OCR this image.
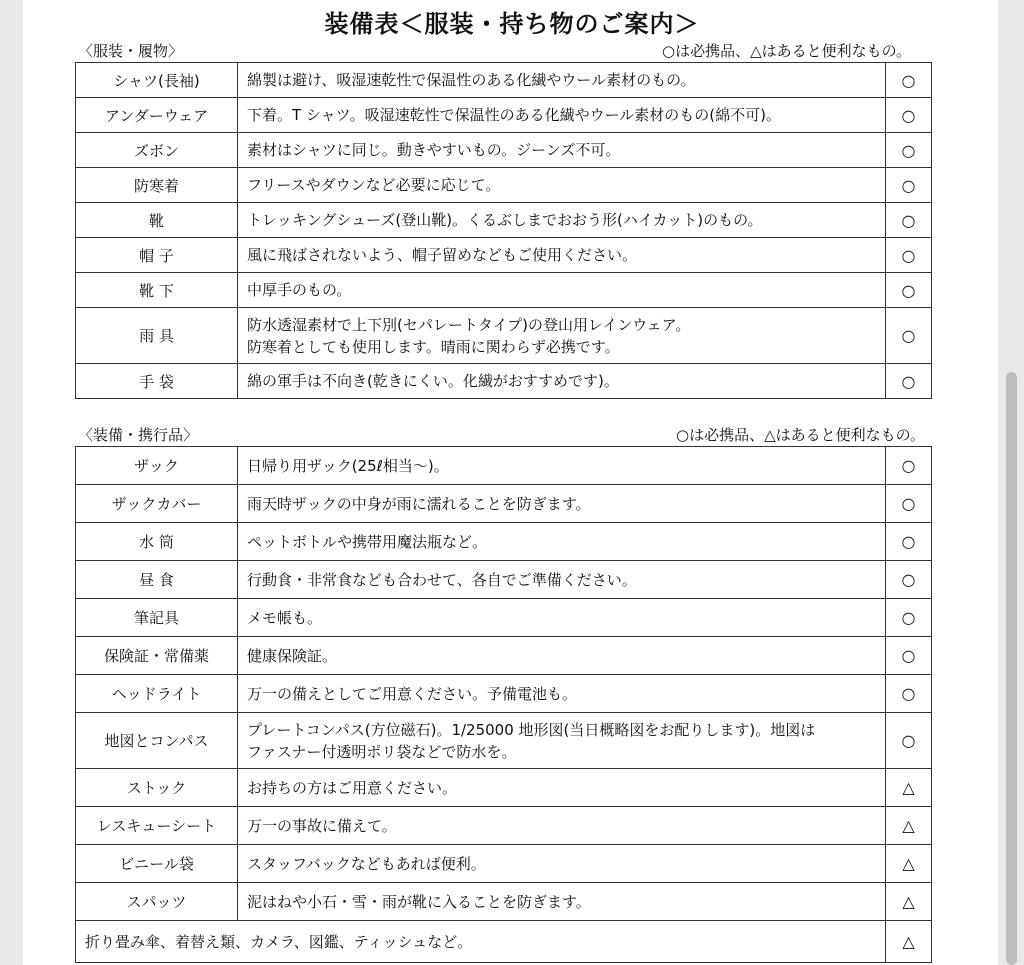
装備表＜服装・持ち物のご案内＞
〈服装・履物〉	○は必携品、△はあると便利なもの。
シャツ(長袖)	綿製は避け、吸湿速乾性で保温性のある化繊やウール素材のもの。	○
アンダーウェア	下着。T シャツ。吸湿速乾性で保温性のある化繊やウール素材のもの(綿不可)。	○
ズボン	素材はシャツに同じ。動きやすいもの。ジーンズ不可。	○
防寒着	フリースやダウンなど必要に応じて。	○
靴	トレッキングシューズ(登山靴)。くるぶしまでおおう形(ハイカット)のもの。	○
帽 子	風に飛ばされないよう、帽子留めなどもご使用ください。	○
靴 下	中厚手のもの。	○
雨 具	防水透湿素材で上下別(セパレートタイプ)の登山用レインウェア。
防寒着としても使用します。晴雨に関わらず必携です。	○
手 袋	綿の軍手は不向き(乾きにくい。化繊がおすすめです)。	○
〈装備・携行品〉	○は必携品、△はあると便利なもの。
ザック	日帰り用ザック(25ℓ相当〜)。	○
ザックカバー	雨天時ザックの中身が雨に濡れることを防ぎます。	○
水 筒	ペットボトルや携帯用魔法瓶など。	○
昼 食	行動食・非常食なども合わせて、各自でご準備ください。	○
筆記具	メモ帳も。	○
保険証・常備薬	健康保険証。	○
ヘッドライト	万一の備えとしてご用意ください。予備電池も。	○
地図とコンパス	プレートコンパス(方位磁石)。1/25000 地形図(当日概略図をお配りします)。地図は
ファスナー付透明ポリ袋などで防水を。	○
ストック	お持ちの方はご用意ください。	△
レスキューシート	万一の事故に備えて。	△
ビニール袋	スタッフバックなどもあれば便利。	△
スパッツ	泥はねや小石・雪・雨が靴に入ることを防ぎます。	△
折り畳み傘、着替え類、カメラ、図鑑、ティッシュなど。		△
